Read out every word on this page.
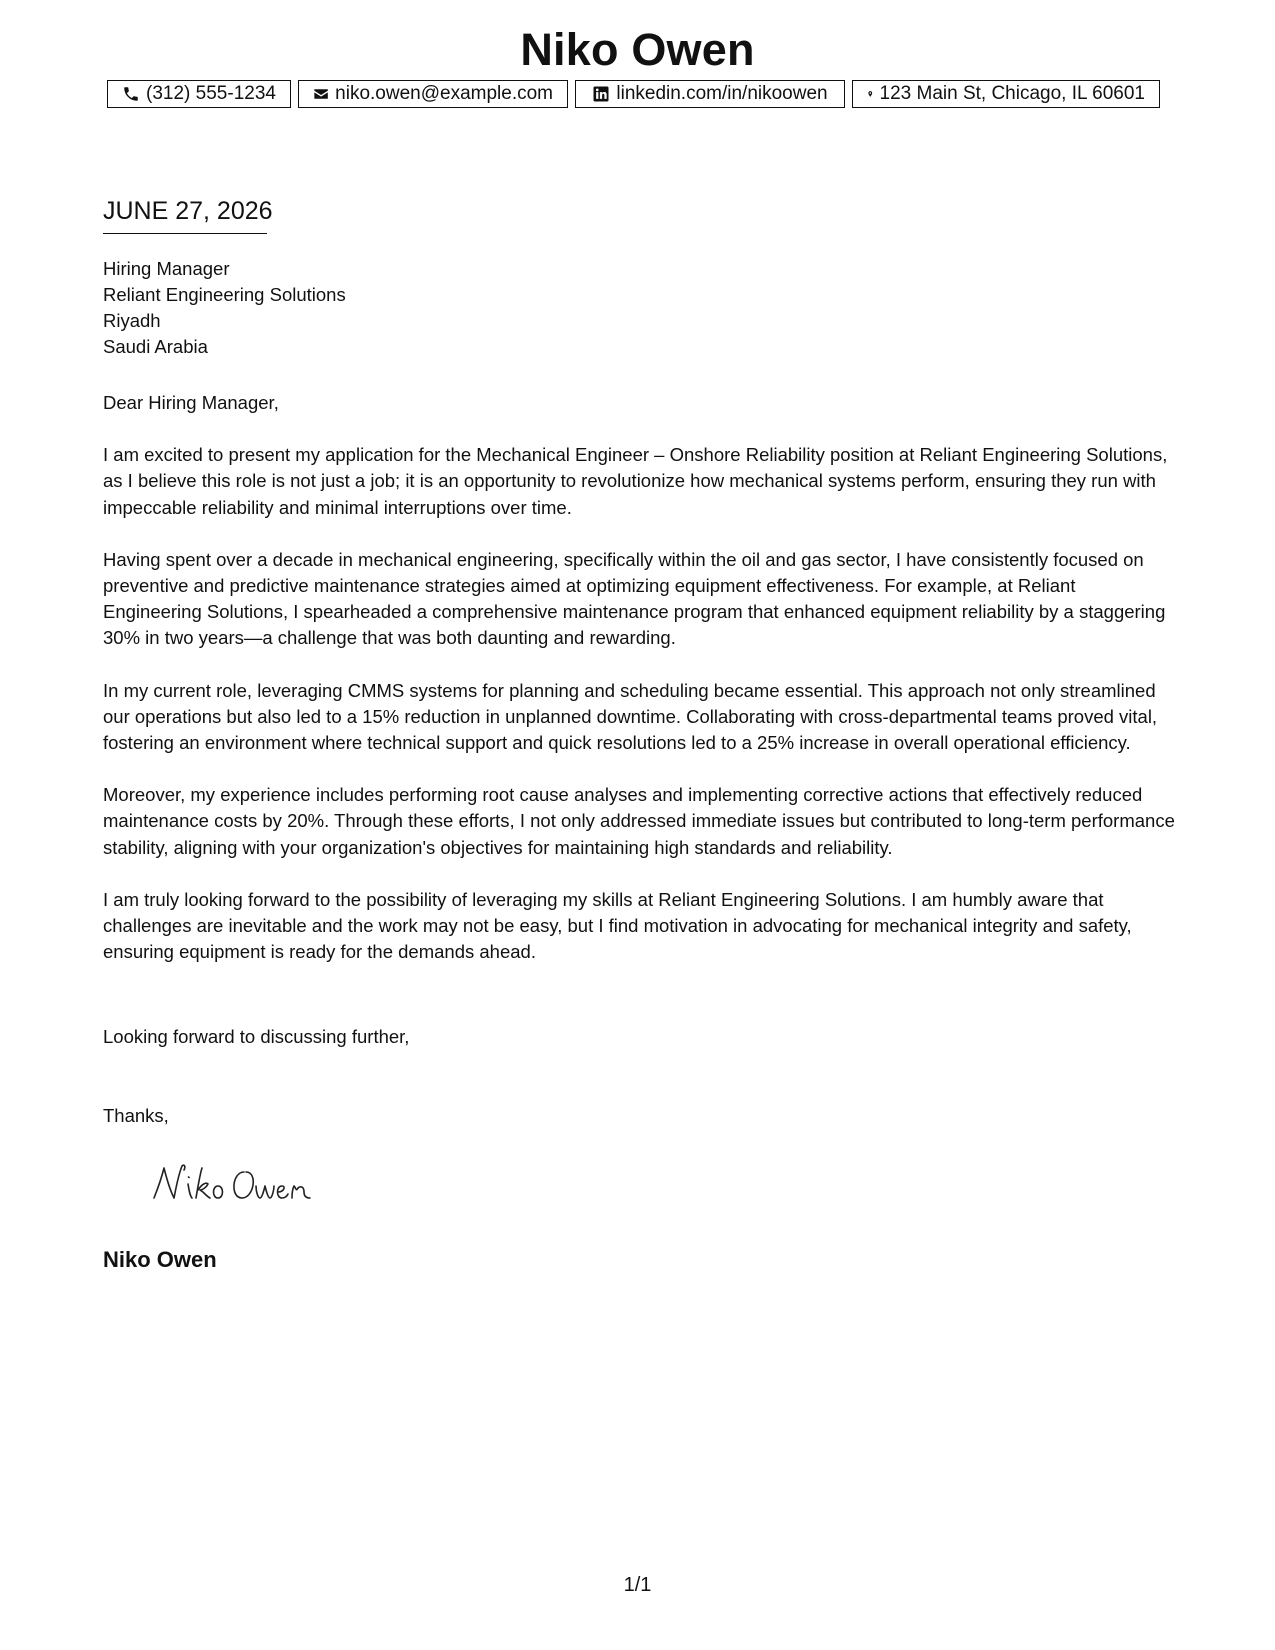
Niko Owen
(312) 555-1234	niko.owen@example.com	linkedin.com/in/nikoowen	123 Main St, Chicago, IL 60601
JUNE 27, 2026
Hiring Manager
Reliant Engineering Solutions
Riyadh
Saudi Arabia

Dear Hiring Manager,

I am excited to present my application for the Mechanical Engineer – Onshore Reliability position at Reliant Engineering Solutions, as I believe this role is not just a job; it is an opportunity to revolutionize how mechanical systems perform, ensuring they run with impeccable reliability and minimal interruptions over time.

Having spent over a decade in mechanical engineering, specifically within the oil and gas sector, I have consistently focused on preventive and predictive maintenance strategies aimed at optimizing equipment effectiveness. For example, at Reliant Engineering Solutions, I spearheaded a comprehensive maintenance program that enhanced equipment reliability by a staggering 30% in two years—a challenge that was both daunting and rewarding.

In my current role, leveraging CMMS systems for planning and scheduling became essential. This approach not only streamlined our operations but also led to a 15% reduction in unplanned downtime. Collaborating with cross-departmental teams proved vital, fostering an environment where technical support and quick resolutions led to a 25% increase in overall operational efficiency.

Moreover, my experience includes performing root cause analyses and implementing corrective actions that effectively reduced maintenance costs by 20%. Through these efforts, I not only addressed immediate issues but contributed to long-term performance stability, aligning with your organization's objectives for maintaining high standards and reliability.

I am truly looking forward to the possibility of leveraging my skills at Reliant Engineering Solutions. I am humbly aware that challenges are inevitable and the work may not be easy, but I find motivation in advocating for mechanical integrity and safety, ensuring equipment is ready for the demands ahead.

Looking forward to discussing further,
Thanks,
Niko Owen
1/1
